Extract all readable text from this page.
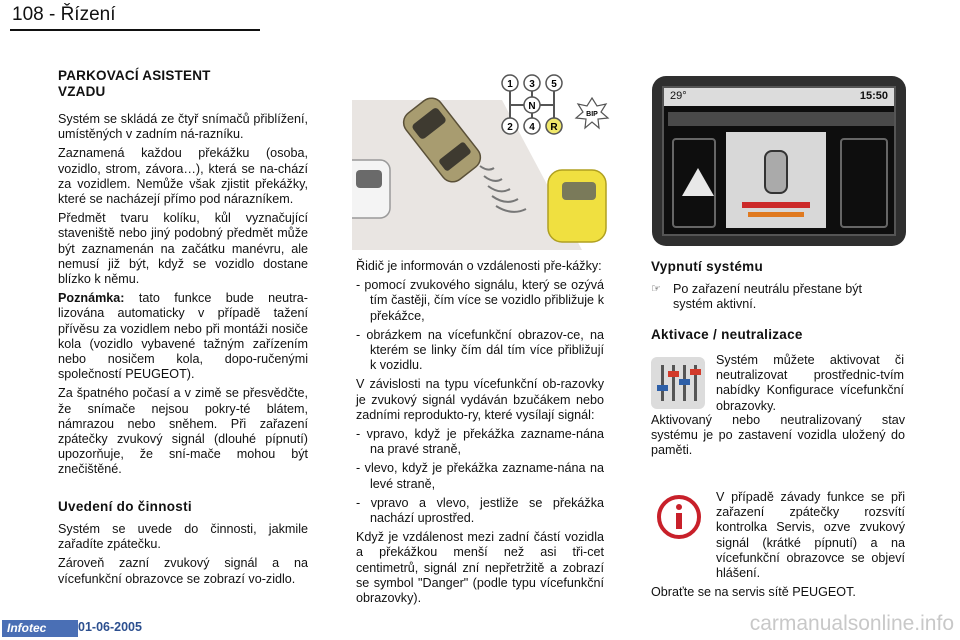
108 - Řízení
PARKOVACÍ ASISTENT
VZADU

Systém se skládá ze čtyř snímačů přiblížení, umístěných v zadním ná-razníku.

Zaznamená každou překážku (osoba, vozidlo, strom, závora…), která se na-chází za vozidlem. Nemůže však zjistit překážky, které se nacházejí přímo pod nárazníkem.

Předmět tvaru kolíku, kůl vyznačující staveniště nebo jiný podobný předmět může být zaznamenán na začátku manévru, ale nemusí již být, když se vozidlo dostane blízko k němu.

Poznámka: tato funkce bude neutra-lizována automaticky v případě tažení přívěsu za vozidlem nebo při montáži nosiče kola (vozidlo vybavené tažným zařízením nebo nosičem kola, dopo-ručenými společností PEUGEOT).

Za špatného počasí a v zimě se přesvědčte, že snímače nejsou pokry-té blátem, námrazou nebo sněhem. Při zařazení zpátečky zvukový signál (dlouhé pípnutí) upozorňuje, že sní-mače mohou být znečištěné.

Uvedení do činnosti

Systém se uvede do činnosti, jakmile zařadíte zpátečku.

Zároveň zazní zvukový signál a na vícefunkční obrazovce se zobrazí vo-zidlo.

1 3 5
N
2 4 R
BIP
29°	15:50

Řidič je informován o vzdálenosti pře-kážky:

- pomocí zvukového signálu, který se ozývá tím častěji, čím více se vozidlo přibližuje k překážce,

- obrázkem na vícefunkční obrazov-ce, na kterém se linky čím dál tím více přibližují k vozidlu.

V závislosti na typu vícefunkční ob-razovky je zvukový signál vydáván bzučákem nebo zadními reprodukto-ry, které vysílají signál:

- vpravo, když je překážka zazname-nána na pravé straně,

- vlevo, když je překážka zazname-nána na levé straně,

- vpravo a vlevo, jestliže se překážka nachází uprostřed.

Když je vzdálenost mezi zadní částí vozidla a překážkou menší než asi tři-cet centimetrů, signál zní nepřetržitě a zobrazí se symbol "Danger" (podle typu vícefunkční obrazovky).

Vypnutí systému
☞ Po zařazení neutrálu přestane být systém aktivní.
Aktivace / neutralizace

Systém můžete aktivovat či neutralizovat prostřednic-tvím nabídky Konfigurace vícefunkční obrazovky.

Aktivovaný nebo neutralizovaný stav systému je po zastavení vozidla uložený do paměti.

V případě závady funkce se při zařazení zpátečky rozsvítí kontrolka Servis, ozve zvukový signál (krátké pípnutí) a na vícefunkční obrazovce se objeví hlášení.

Obraťte se na servis sítě PEUGEOT.

Infotec	01-06-2005	carmanualsonline.info
